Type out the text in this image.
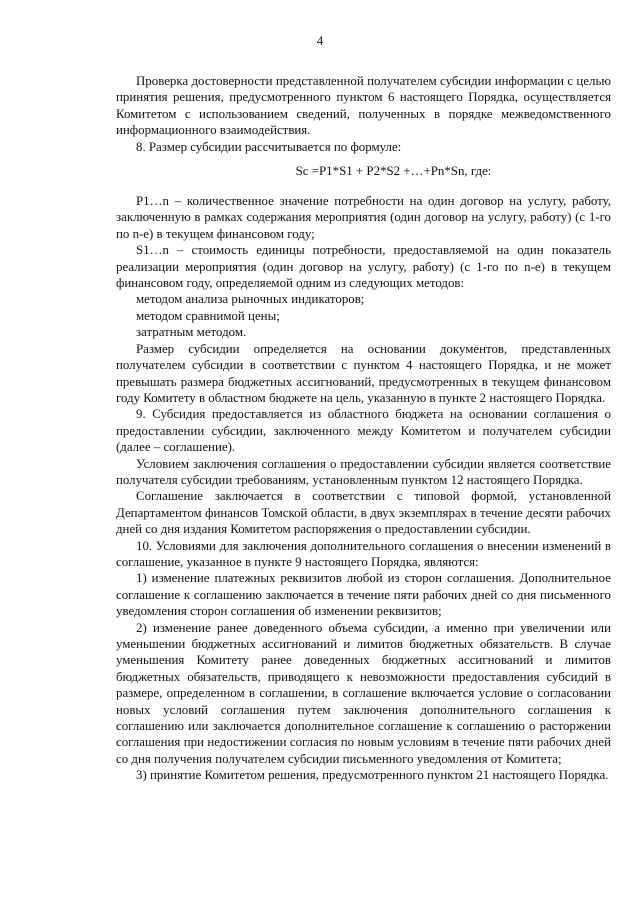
4

Проверка достоверности представленной получателем субсидии информации с целью принятия решения, предусмотренного пунктом 6 настоящего Порядка, осуществляется Комитетом с использованием сведений, полученных в порядке межведомственного информационного взаимодействия.

8. Размер субсидии рассчитывается по формуле:

Sс =P1*S1 + P2*S2 +…+Pn*Sn, где:

P1…n – количественное значение потребности на один договор на услугу, работу, заключенную в рамках содержания мероприятия (один договор на услугу, работу) (с 1-го по n-е) в текущем финансовом году;

S1…n – стоимость единицы потребности, предоставляемой на один показатель реализации мероприятия (один договор на услугу, работу) (с 1-го по n-е) в текущем финансовом году, определяемой одним из следующих методов:

методом анализа рыночных индикаторов;

методом сравнимой цены;

затратным методом.

Размер субсидии определяется на основании документов, представленных получателем субсидии в соответствии с пунктом 4 настоящего Порядка, и не может превышать размера бюджетных ассигнований, предусмотренных в текущем финансовом году Комитету в областном бюджете на цель, указанную в пункте 2 настоящего Порядка.

9. Субсидия предоставляется из областного бюджета на основании соглашения о предоставлении субсидии, заключенного между Комитетом и получателем субсидии (далее – соглашение).

Условием заключения соглашения о предоставлении субсидии является соответствие получателя субсидии требованиям, установленным пунктом 12 настоящего Порядка.

Соглашение заключается в соответствии с типовой формой, установленной Департаментом финансов Томской области, в двух экземплярах в течение десяти рабочих дней со дня издания Комитетом распоряжения о предоставлении субсидии.

10. Условиями для заключения дополнительного соглашения о внесении изменений в соглашение, указанное в пункте 9 настоящего Порядка, являются:

1) изменение платежных реквизитов любой из сторон соглашения. Дополнительное соглашение к соглашению заключается в течение пяти рабочих дней со дня письменного уведомления сторон соглашения об изменении реквизитов;

2) изменение ранее доведенного объема субсидии, а именно при увеличении или уменьшении бюджетных ассигнований и лимитов бюджетных обязательств. В случае уменьшения Комитету ранее доведенных бюджетных ассигнований и лимитов бюджетных обязательств, приводящего к невозможности предоставления субсидий в размере, определенном в соглашении, в соглашение включается условие о согласовании новых условий соглашения путем заключения дополнительного соглашения к соглашению или заключается дополнительное соглашение к соглашению о расторжении соглашения при недостижении согласия по новым условиям в течение пяти рабочих дней со дня получения получателем субсидии письменного уведомления от Комитета;

3) принятие Комитетом решения, предусмотренного пунктом 21 настоящего Порядка.
